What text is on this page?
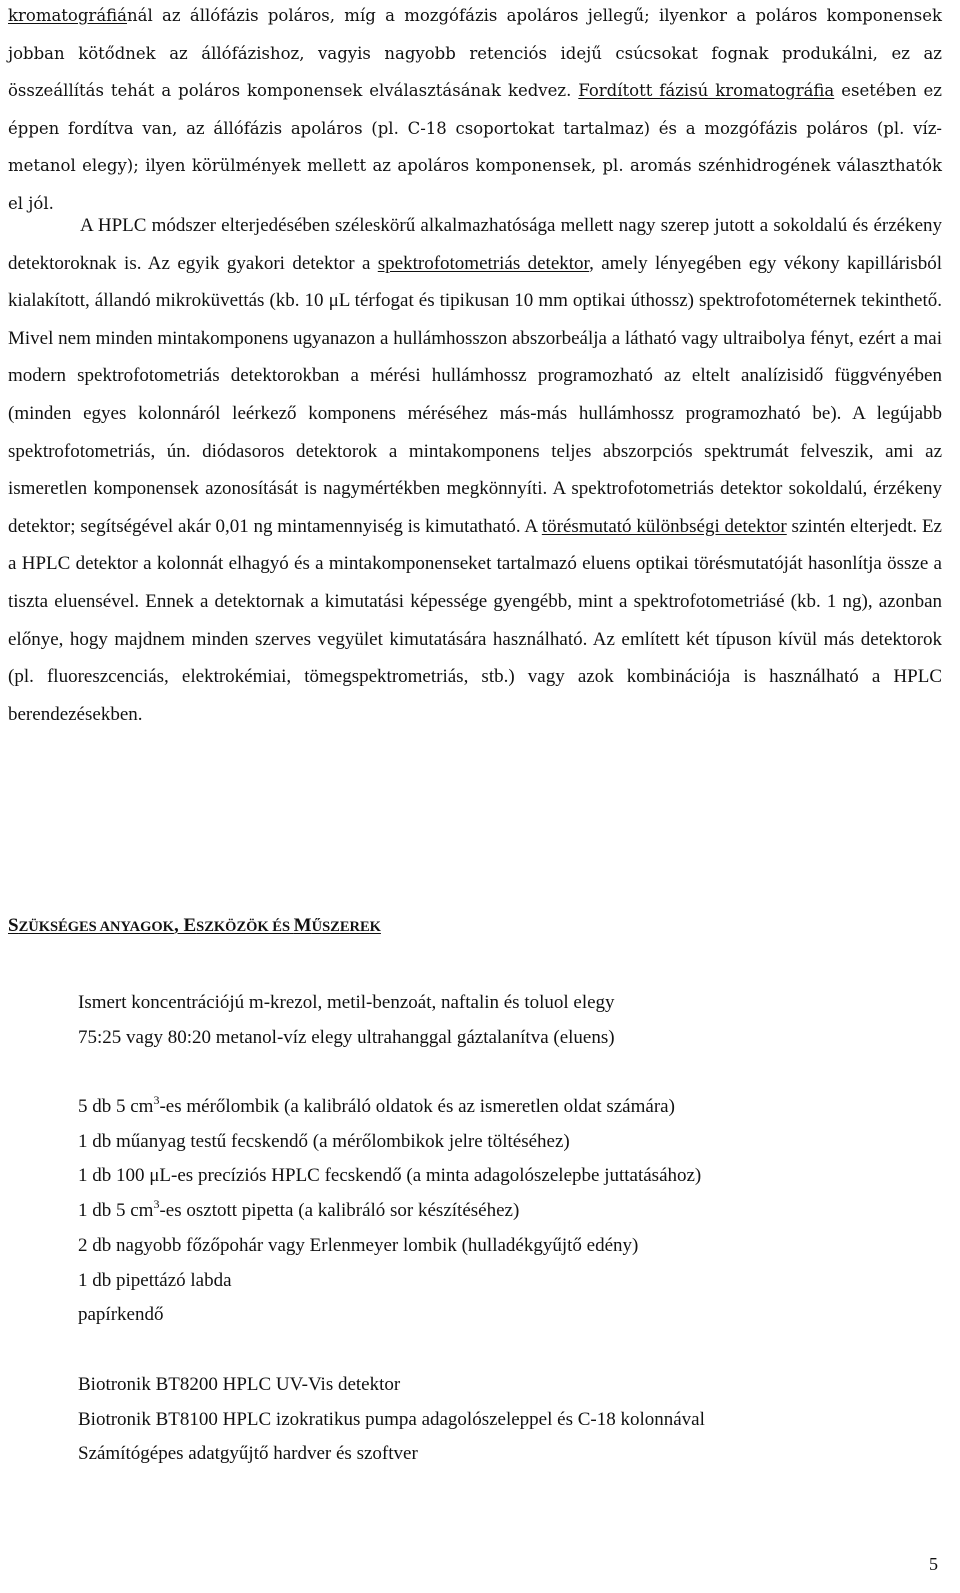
kromatográfiánál az állófázis poláros, míg a mozgófázis apoláros jellegű; ilyenkor a poláros komponensek jobban kötődnek az állófázishoz, vagyis nagyobb retenciós idejű csúcsokat fognak produkálni, ez az összeállítás tehát a poláros komponensek elválasztásának kedvez. Fordított fázisú kromatográfia esetében ez éppen fordítva van, az állófázis apoláros (pl. C-18 csoportokat tartalmaz) és a mozgófázis poláros (pl. víz-metanol elegy); ilyen körülmények mellett az apoláros komponensek, pl. aromás szénhidrogének választhatók el jól.

A HPLC módszer elterjedésében széleskörű alkalmazhatósága mellett nagy szerep jutott a sokoldalú és érzékeny detektoroknak is. Az egyik gyakori detektor a spektrofotometriás detektor, amely lényegében egy vékony kapillárisból kialakított, állandó mikroküvettás (kb. 10 μL térfogat és tipikusan 10 mm optikai úthossz) spektrofotométernek tekinthető. Mivel nem minden mintakomponens ugyanazon a hullámhosszon abszorbeálja a látható vagy ultraibolya fényt, ezért a mai modern spektrofotometriás detektorokban a mérési hullámhossz programozható az eltelt analízisidő függvényében (minden egyes kolonnáról leérkező komponens méréséhez más-más hullámhossz programozható be). A legújabb spektrofotometriás, ún. diódasoros detektorok a mintakomponens teljes abszorpciós spektrumát felveszik, ami az ismeretlen komponensek azonosítását is nagymértékben megkönnyíti. A spektrofotometriás detektor sokoldalú, érzékeny detektor; segítségével akár 0,01 ng mintamennyiség is kimutatható. A törésmutató különbségi detektor szintén elterjedt. Ez a HPLC detektor a kolonnát elhagyó és a mintakomponenseket tartalmazó eluens optikai törésmutatóját hasonlítja össze a tiszta eluensével. Ennek a detektornak a kimutatási képessége gyengébb, mint a spektrofotometriásé (kb. 1 ng), azonban előnye, hogy majdnem minden szerves vegyület kimutatására használható. Az említett két típuson kívül más detektorok (pl. fluoreszcenciás, elektrokémiai, tömegspektrometriás, stb.) vagy azok kombinációja is használható a HPLC berendezésekben.

SZÜKSÉGES ANYAGOK, ESZKÖZÖK ÉS MŰSZEREK
Ismert koncentrációjú m-krezol, metil-benzoát, naftalin és toluol elegy
75:25 vagy 80:20 metanol-víz elegy ultrahanggal gáztalanítva (eluens)
5 db 5 $cm^3-es$ mérőlombik (a kalibráló oldatok és az ismeretlen oldat számára)
1 db műanyag testű fecskendő (a mérőlombikok jelre töltéséhez)
1 db 100 μL-es precíziós HPLC fecskendő (a minta adagolószelepbe juttatásához)
1 db 5 $cm^3-es$ osztott pipetta (a kalibráló sor készítéséhez)
2 db nagyobb főzőpohár vagy Erlenmeyer lombik (hulladékgyűjtő edény)
1 db pipettázó labda
papírkendő
Biotronik BT8200 HPLC UV-Vis detektor
Biotronik BT8100 HPLC izokratikus pumpa adagolószeleppel és C-18 kolonnával
Számítógépes adatgyűjtő hardver és szoftver
5
